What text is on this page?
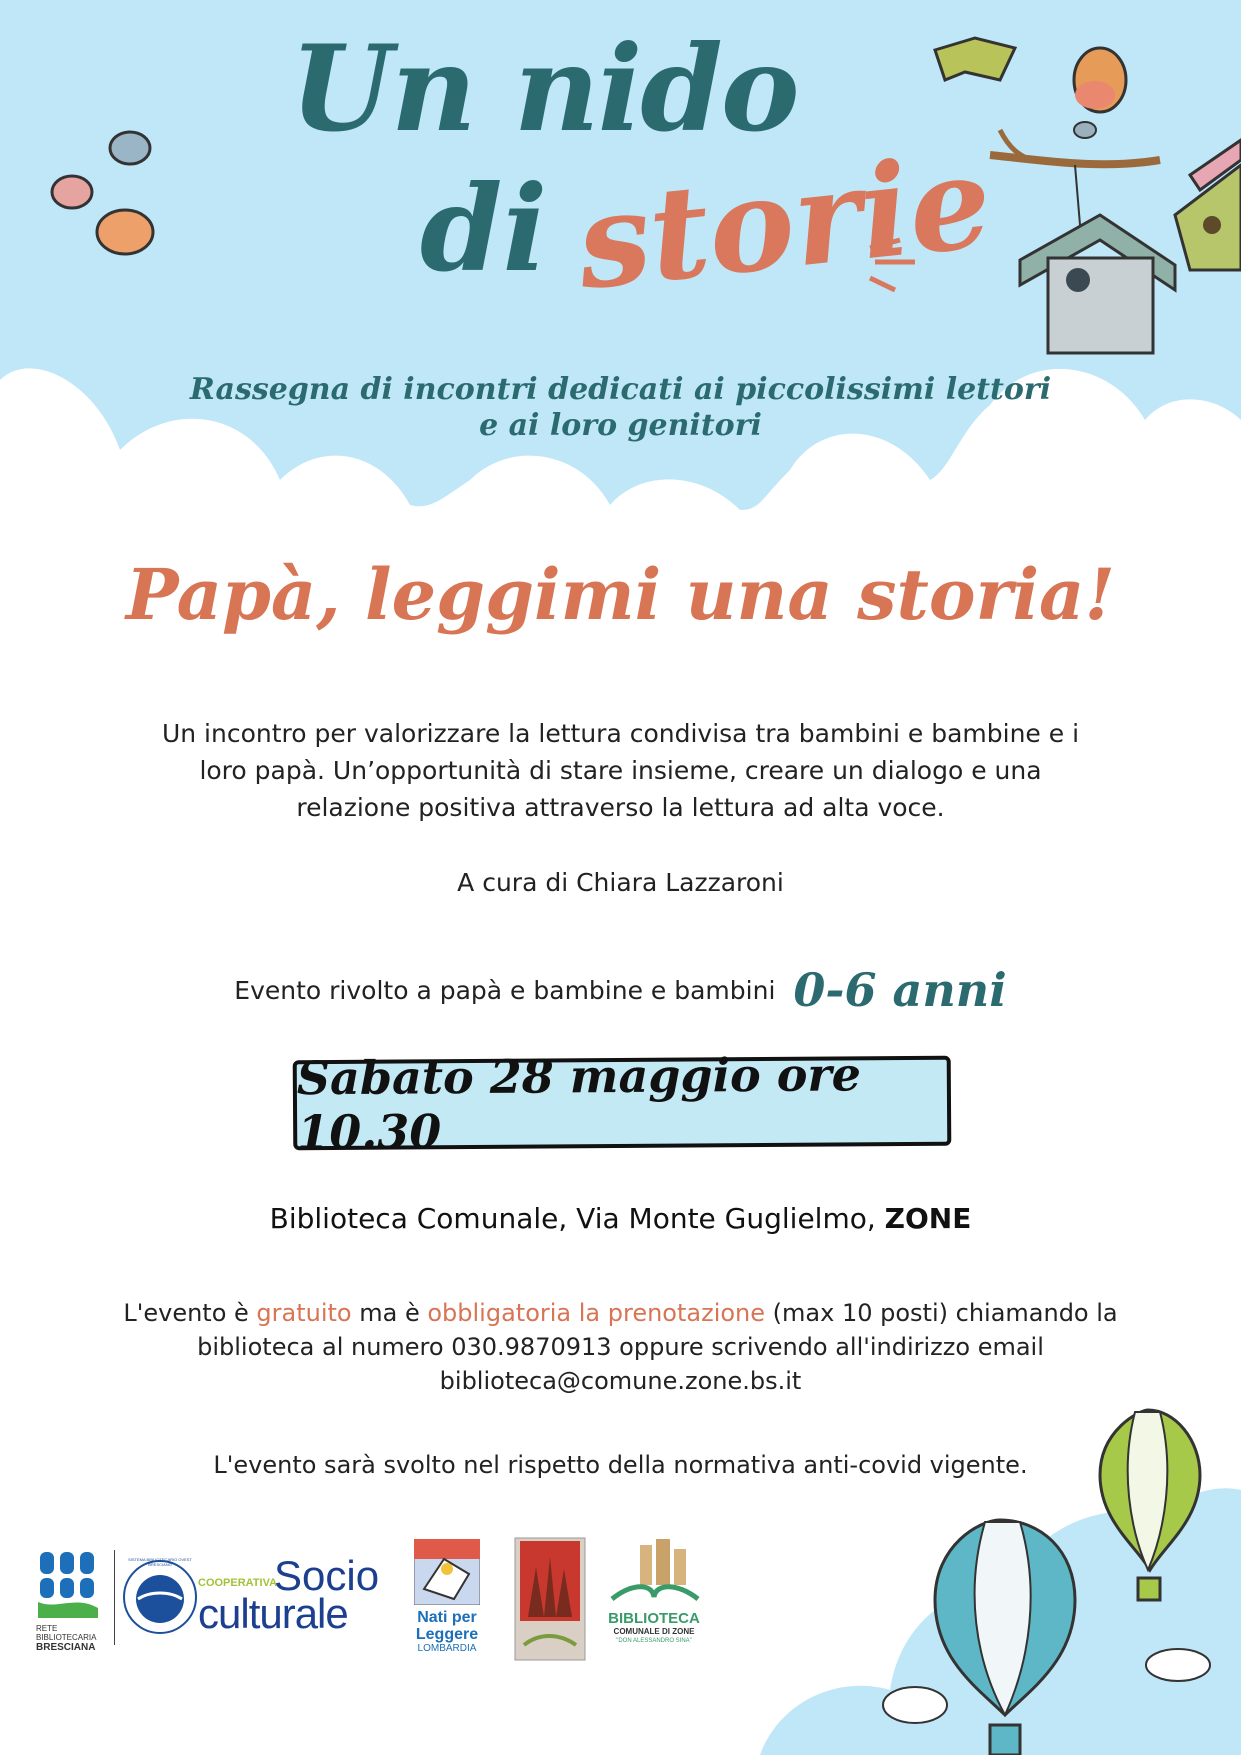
Un nido
di storie
Rassegna di incontri dedicati ai piccolissimi lettori
e ai loro genitori
Papà, leggimi una storia!
Un incontro per valorizzare la lettura condivisa tra bambini e bambine e i
loro papà. Un’opportunità di stare insieme, creare un dialogo e una
relazione positiva attraverso la lettura ad alta voce.
A cura di Chiara Lazzaroni
Evento rivolto a papà e bambine e bambini 0-6 anni
Sabato 28 maggio ore 10.30
Biblioteca Comunale, Via Monte Guglielmo, ZONE
L'evento è gratuito ma è obbligatoria la prenotazione (max 10 posti) chiamando la
biblioteca al numero 030.9870913 oppure scrivendo all'indirizzo email
biblioteca@comune.zone.bs.it
L'evento sarà svolto nel rispetto della normativa anti-covid vigente.
RETE BIBLIOTECARIA
BRESCIANA
SISTEMA BIBLIOTECARIO OVEST BRESCIANO
COOPERATIVA
Socio
culturale	Nati per
Leggere
LOMBARDIA
BIBLIOTECA
COMUNALE DI ZONE
"DON ALESSANDRO SINA"
